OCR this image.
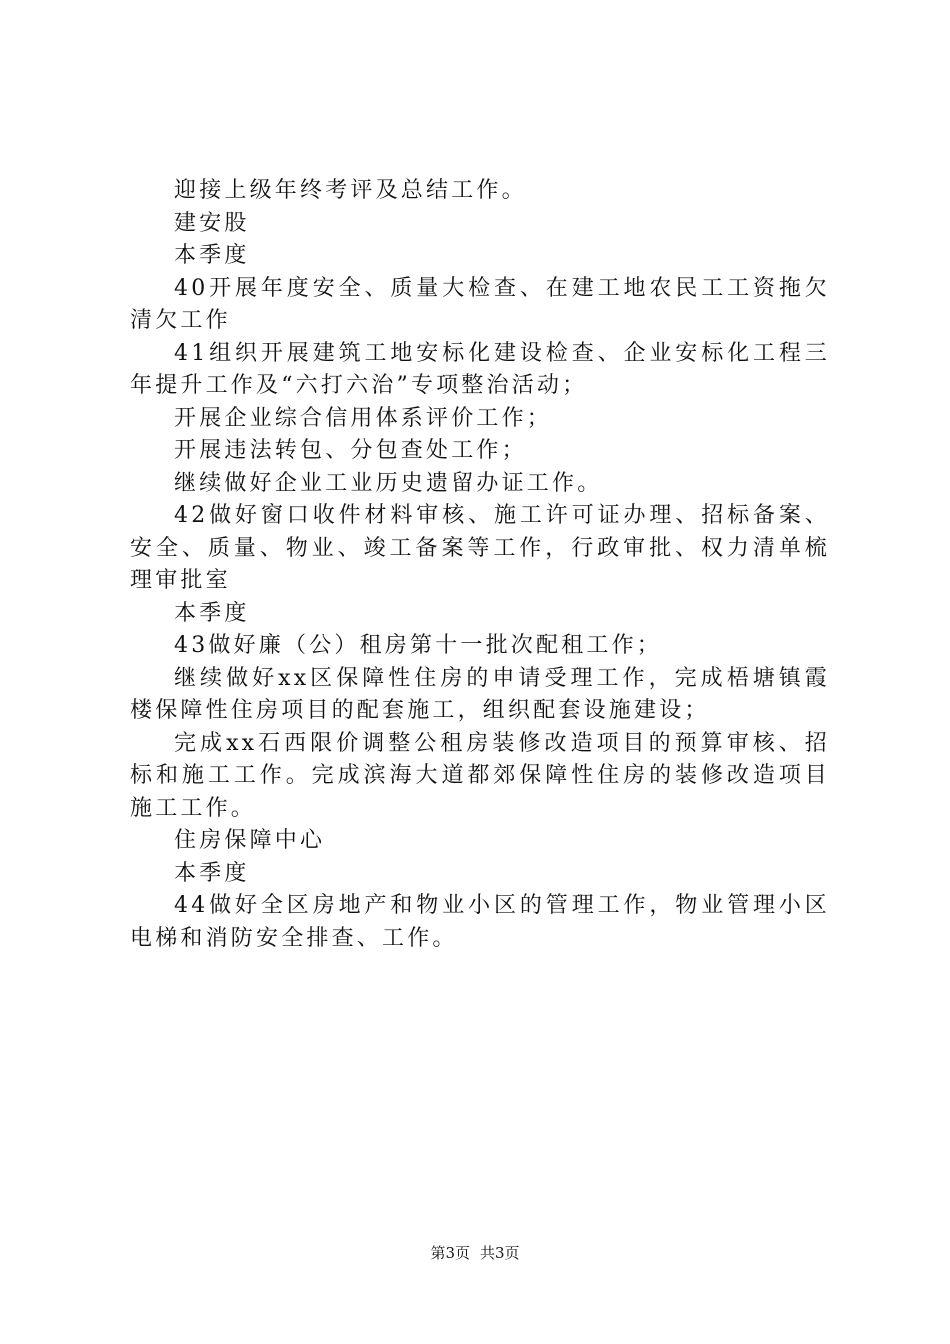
迎接上级年终考评及总结工作。

建安股

本季度

40开展年度安全、质量大检查、在建工地农民工工资拖欠清欠工作

41组织开展建筑工地安标化建设检查、企业安标化工程三年提升工作及“六打六治”专项整治活动；

开展企业综合信用体系评价工作；

开展违法转包、分包查处工作；

继续做好企业工业历史遗留办证工作。

42做好窗口收件材料审核、施工许可证办理、招标备案、安全、质量、物业、竣工备案等工作，行政审批、权力清单梳理审批室

本季度

43做好廉（公）租房第十一批次配租工作；

继续做好xx区保障性住房的申请受理工作，完成梧塘镇霞楼保障性住房项目的配套施工，组织配套设施建设；

完成xx石西限价调整公租房装修改造项目的预算审核、招标和施工工作。完成滨海大道都郊保障性住房的装修改造项目施工工作。

住房保障中心

本季度

44做好全区房地产和物业小区的管理工作，物业管理小区电梯和消防安全排查、工作。

第3页 共3页
